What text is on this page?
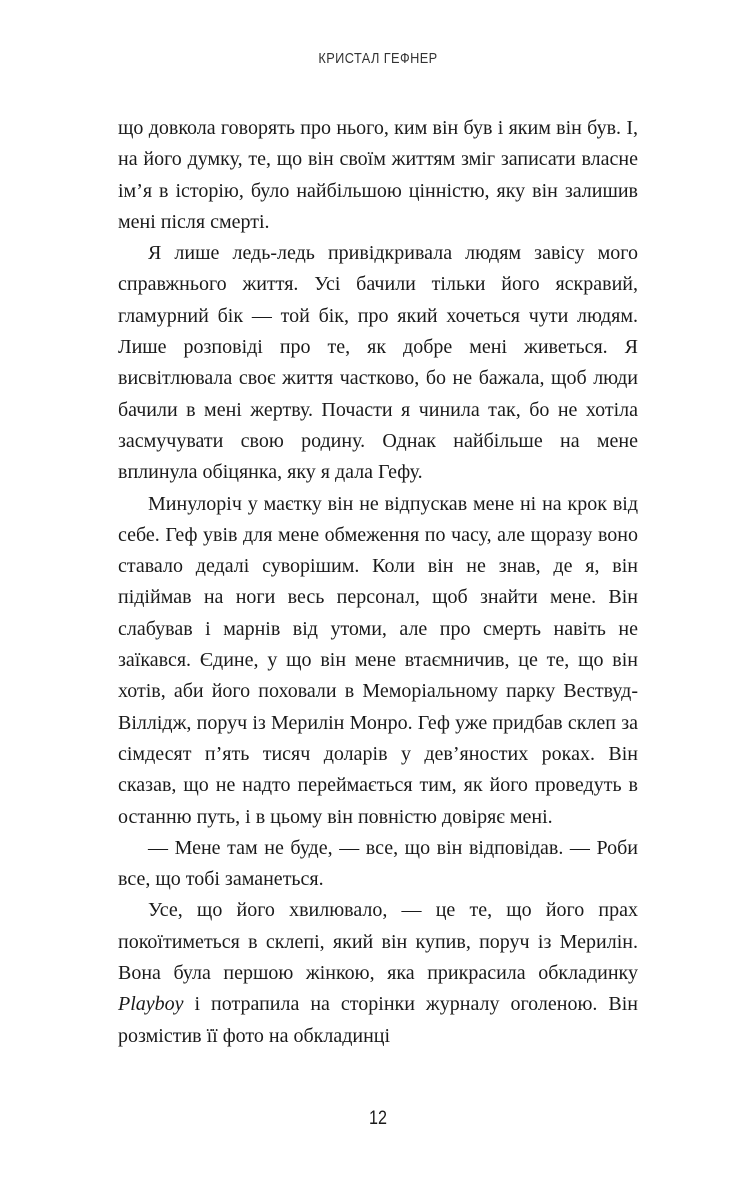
КРИСТАЛ ГЕФНЕР

що довкола говорять про нього, ким він був і яким він був. І, на його думку, те, що він своїм життям зміг записати власне ім’я в історію, було найбільшою цінністю, яку він залишив мені після смерті.

Я лише ледь-ледь привідкривала людям завісу мого справжнього життя. Усі бачили тільки його яскравий, гламурний бік — той бік, про який хочеться чути людям. Лише розповіді про те, як добре мені живеться. Я висвітлювала своє життя частково, бо не бажала, щоб люди бачили в мені жертву. Почасти я чинила так, бо не хотіла засмучувати свою родину. Однак найбільше на мене вплинула обіцянка, яку я дала Гефу.

Минулоріч у маєтку він не відпускав мене ні на крок від себе. Геф увів для мене обмеження по часу, але щоразу воно ставало дедалі суворішим. Коли він не знав, де я, він підіймав на ноги весь персонал, щоб знайти мене. Він слабував і марнів від утоми, але про смерть навіть не заїкався. Єдине, у що він мене втаємничив, це те, що він хотів, аби його поховали в Меморіальному парку Вествуд-Віллідж, поруч із Мерилін Монро. Геф уже придбав склеп за сімдесят п’ять тисяч доларів у дев’яностих роках. Він сказав, що не надто переймається тим, як його проведуть в останню путь, і в цьому він повністю довіряє мені.

— Мене там не буде, — все, що він відповідав. — Роби все, що тобі заманеться.

Усе, що його хвилювало, — це те, що його прах покоїтиметься в склепі, який він купив, поруч із Мерилін. Вона була першою жінкою, яка прикрасила обкладинку Playboy і потрапила на сторінки журналу оголеною. Він розмістив її фото на обкладинці

12
